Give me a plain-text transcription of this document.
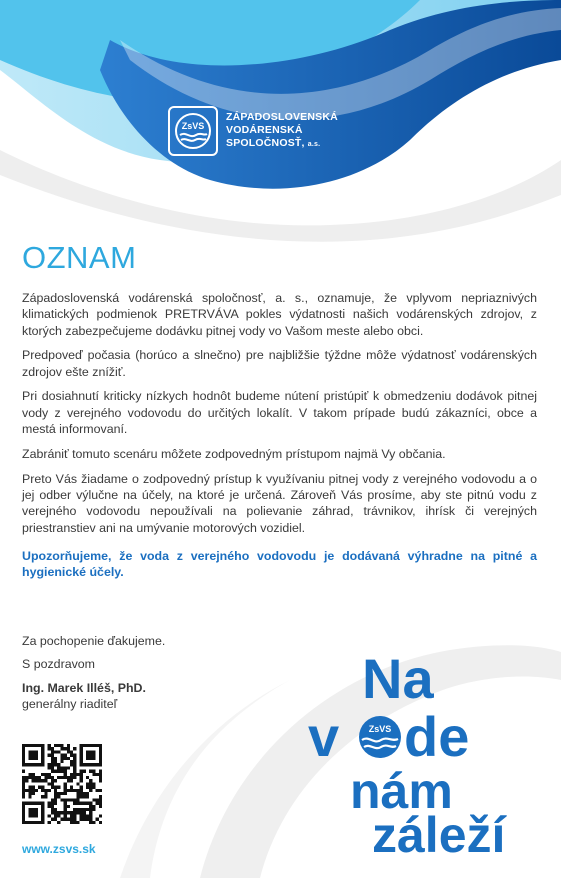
ZsVS
ZÁPADOSLOVENSKÁ
VODÁRENSKÁ
SPOLOČNOSŤ, a.s.
OZNAM

Západoslovenská vodárenská spoločnosť, a. s., oznamuje, že vplyvom nepriaznivých klimatických podmienok PRETRVÁVA pokles výdatnosti našich vodárenských zdrojov, z ktorých zabezpečujeme dodávku pitnej vody vo Vašom meste alebo obci.

Predpoveď počasia (horúco a slnečno) pre najbližšie týždne môže výdatnosť vodárenských zdrojov ešte znížiť.

Pri dosiahnutí kriticky nízkych hodnôt budeme nútení pristúpiť k obmedzeniu dodávok pitnej vody z verejného vodovodu do určitých lokalít. V takom prípade budú zákazníci, obce a mestá informovaní.

Zabrániť tomuto scenáru môžete zodpovedným prístupom najmä Vy občania.

Preto Vás žiadame o zodpovedný prístup k využívaniu pitnej vody z verejného vodovodu a o jej odber výlučne na účely, na ktoré je určená. Zároveň Vás prosíme, aby ste pitnú vodu z verejného vodovodu nepoužívali na polievanie záhrad, trávnikov, ihrísk či verejných priestranstiev ani na umývanie motorových vozidiel.

Upozorňujeme, že voda z verejného vodovodu je dodávaná výhradne na pitné a hygienické účely.
Za pochopenie ďakujeme.
S pozdravom
Ing. Marek Illéš, PhD.
generálny riaditeľ
www.zsvs.sk
Na
v	ZsVS de
nám
záleží
